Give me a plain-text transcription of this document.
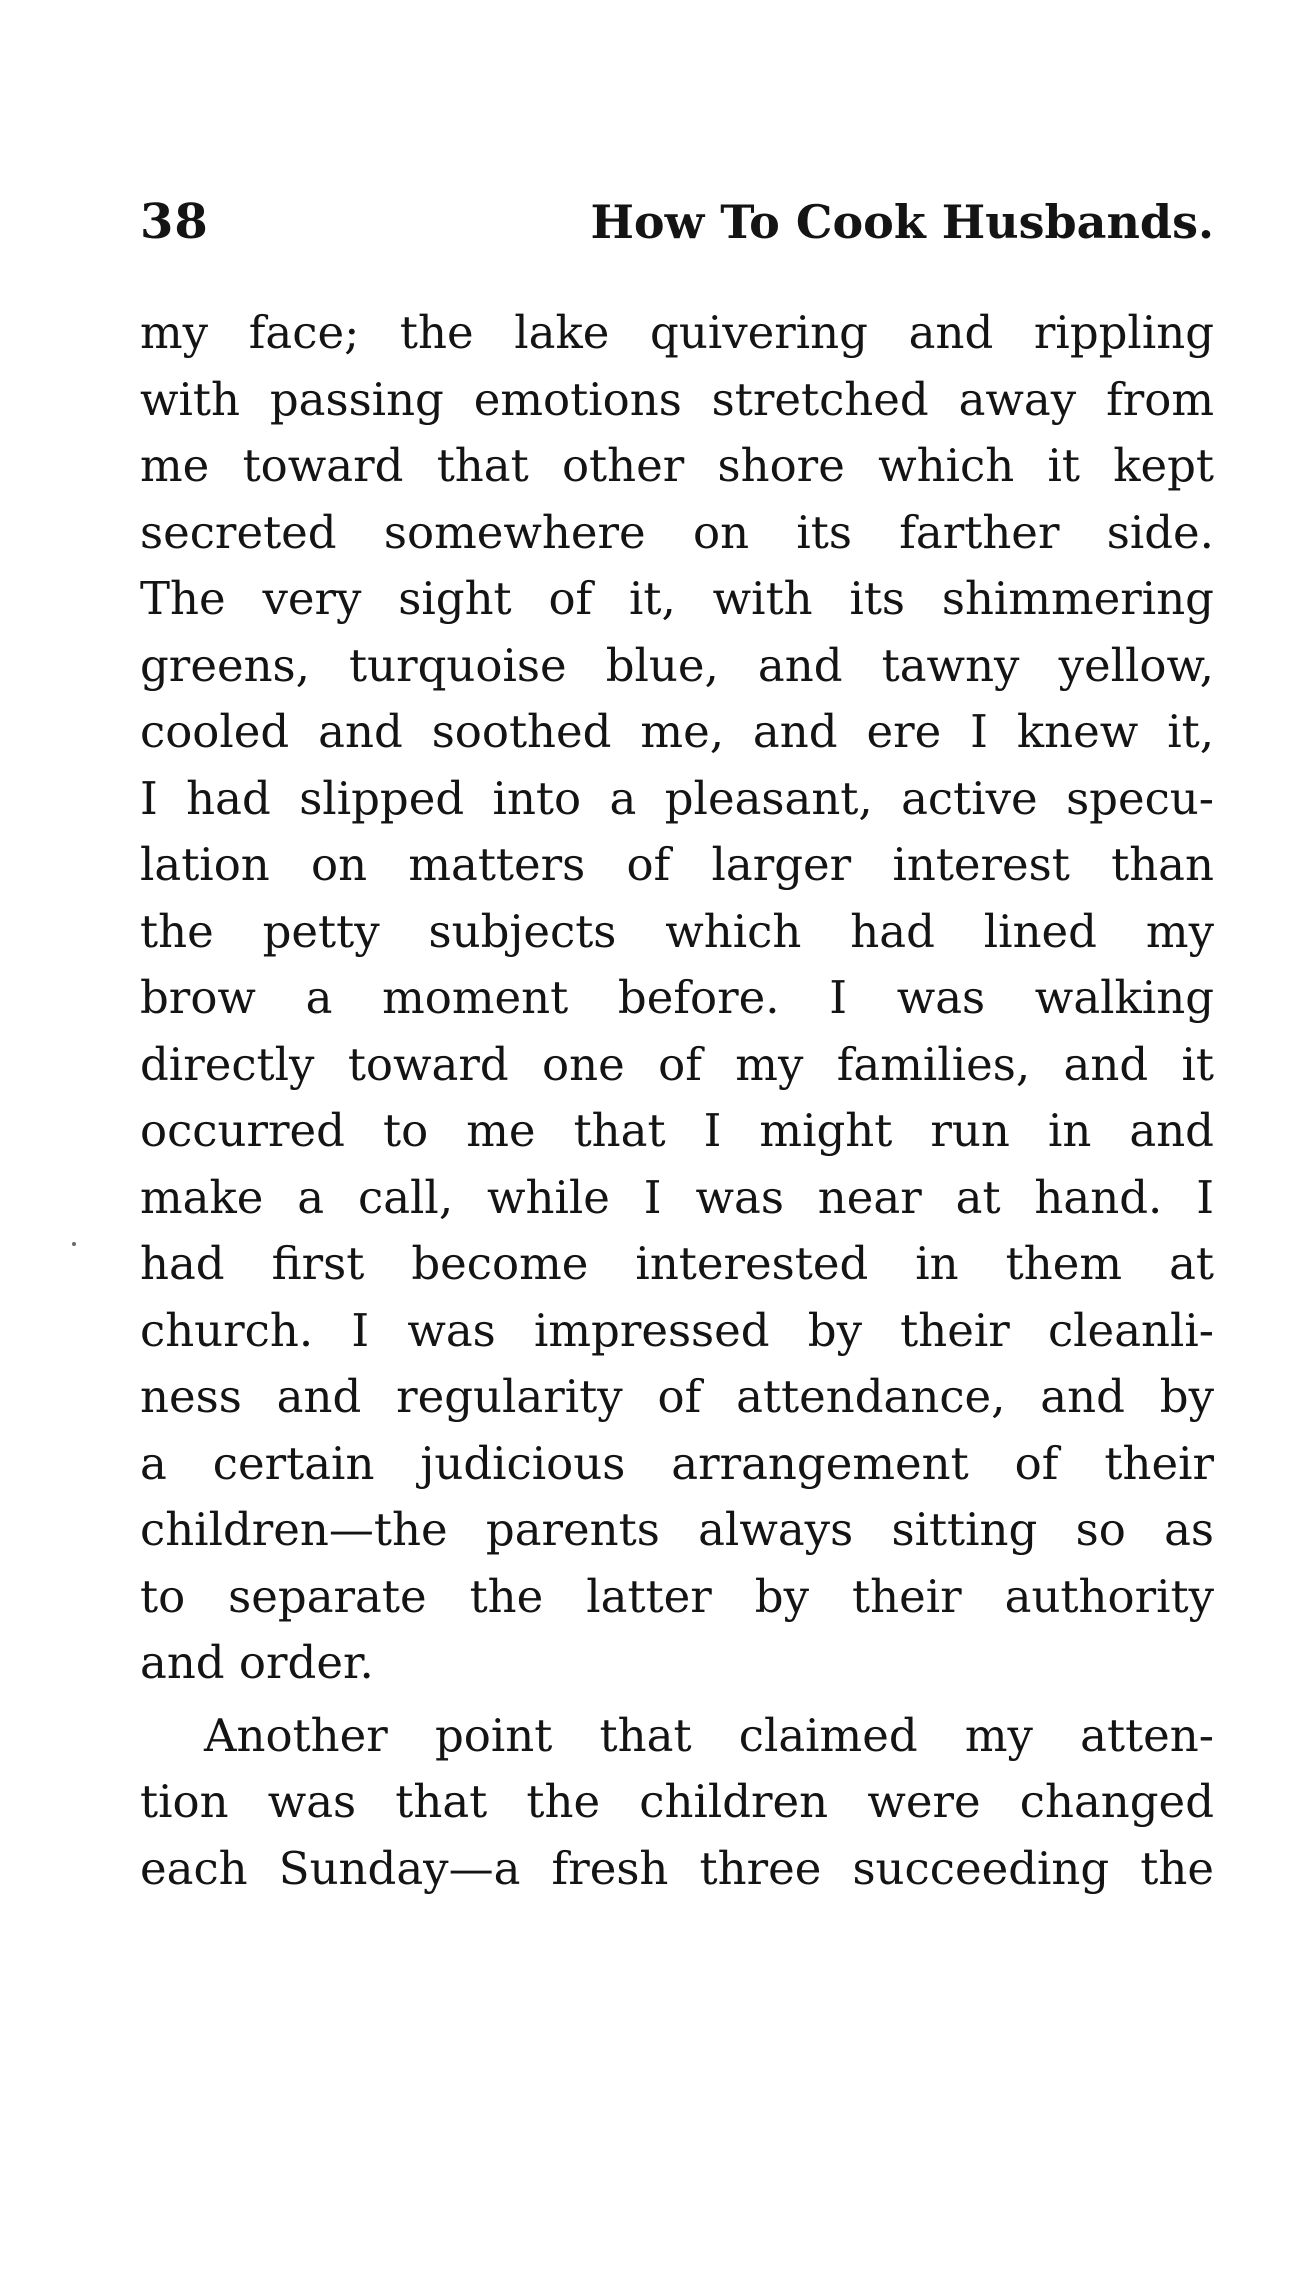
38	How To Cook Husbands.
my face; the lake quivering and rippling
with passing emotions stretched away from
me toward that other shore which it kept
secreted somewhere on its farther side.
The very sight of it, with its shimmering
greens, turquoise blue, and tawny yellow,
cooled and soothed me, and ere I knew it,
I had slipped into a pleasant, active specu-
lation on matters of larger interest than
the petty subjects which had lined my
brow a moment before. I was walking
directly toward one of my families, and it
occurred to me that I might run in and
make a call, while I was near at hand. I
had first become interested in them at
church. I was impressed by their cleanli-
ness and regularity of attendance, and by
a certain judicious arrangement of their
children—the parents always sitting so as
to separate the latter by their authority
and order.
Another point that claimed my atten-
tion was that the children were changed
each Sunday—a fresh three succeeding the
